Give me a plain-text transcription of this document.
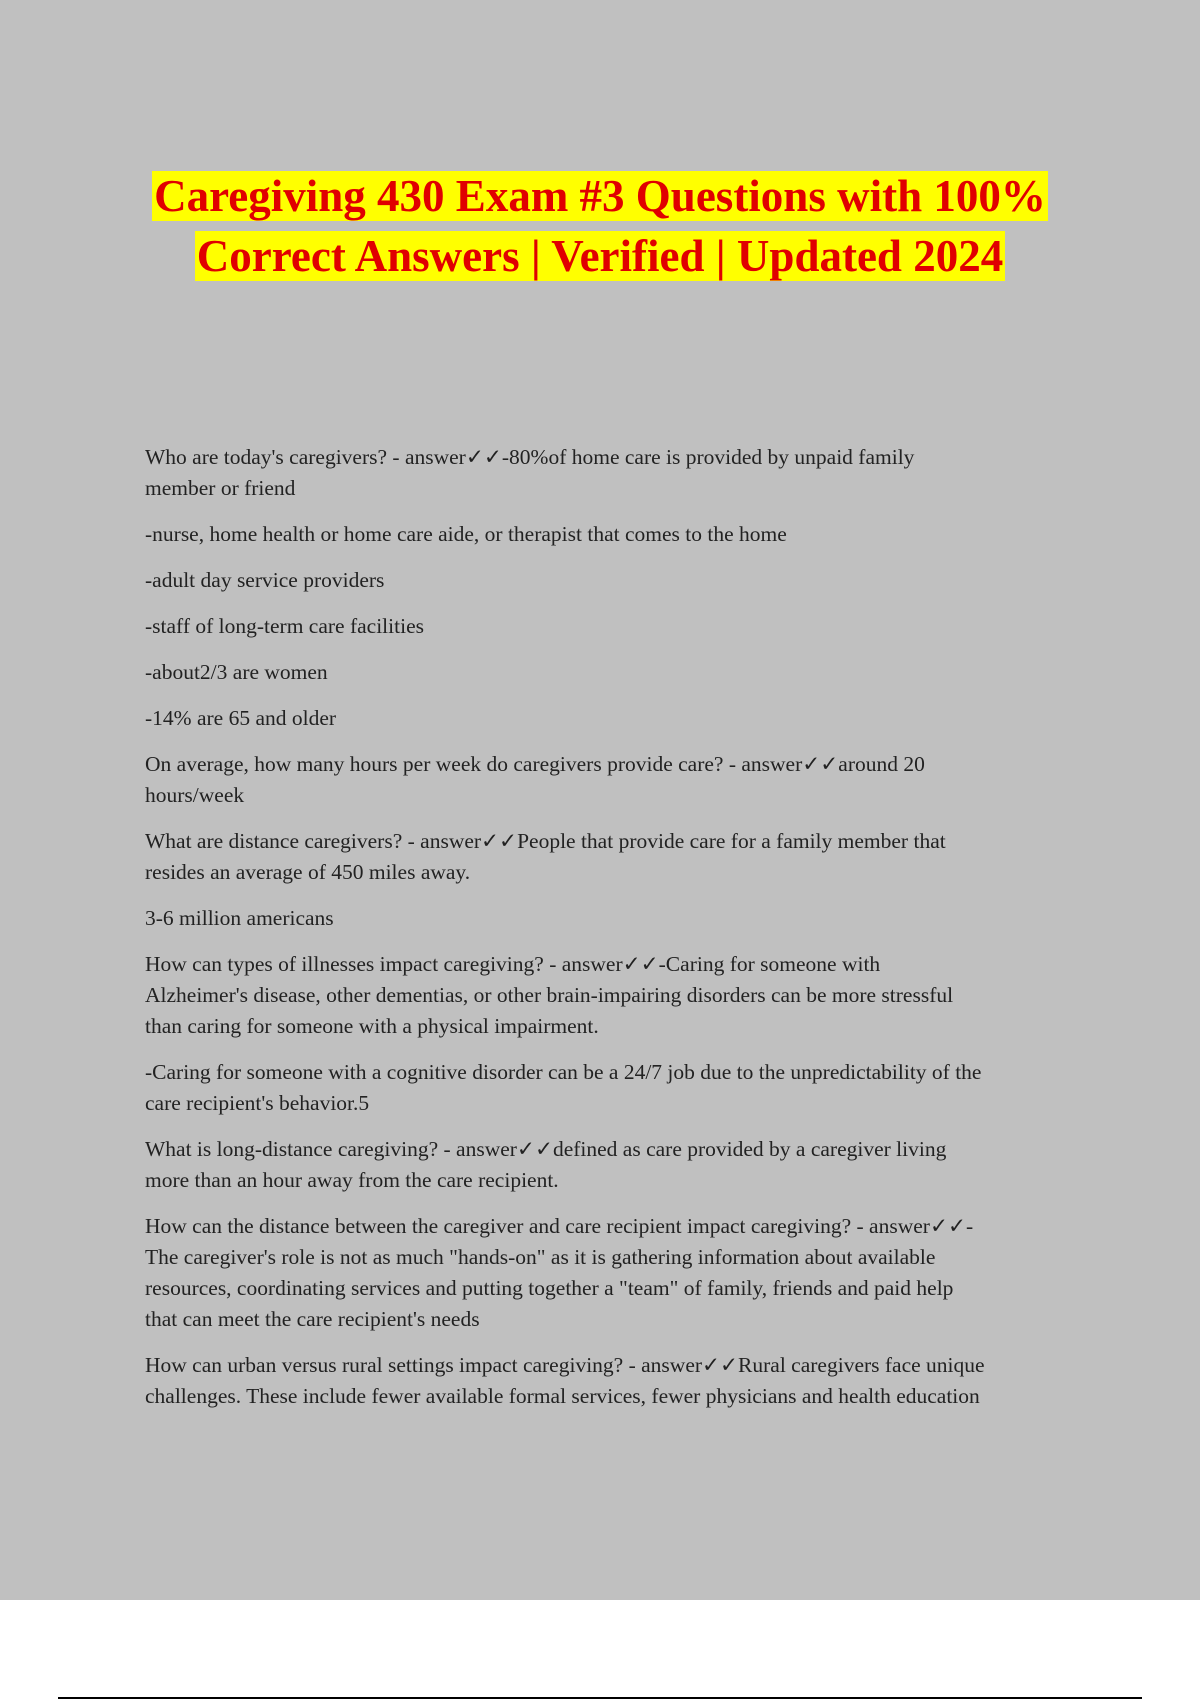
Caregiving 430 Exam #3 Questions with 100% Correct Answers | Verified | Updated 2024

Who are today's caregivers? - answer✓✓-80%of home care is provided by unpaid family
member or friend

-nurse, home health or home care aide, or therapist that comes to the home

-adult day service providers

-staff of long-term care facilities

-about2/3 are women

-14% are 65 and older

On average, how many hours per week do caregivers provide care? - answer✓✓around 20
hours/week

What are distance caregivers? - answer✓✓People that provide care for a family member that
resides an average of 450 miles away.

3-6 million americans

How can types of illnesses impact caregiving? - answer✓✓-Caring for someone with
Alzheimer's disease, other dementias, or other brain-impairing disorders can be more stressful
than caring for someone with a physical impairment.

-Caring for someone with a cognitive disorder can be a 24/7 job due to the unpredictability of the
care recipient's behavior.5

What is long-distance caregiving? - answer✓✓defined as care provided by a caregiver living
more than an hour away from the care recipient.

How can the distance between the caregiver and care recipient impact caregiving? - answer✓✓-
The caregiver's role is not as much "hands-on" as it is gathering information about available
resources, coordinating services and putting together a "team" of family, friends and paid help
that can meet the care recipient's needs

How can urban versus rural settings impact caregiving? - answer✓✓Rural caregivers face unique
challenges. These include fewer available formal services, fewer physicians and health education
